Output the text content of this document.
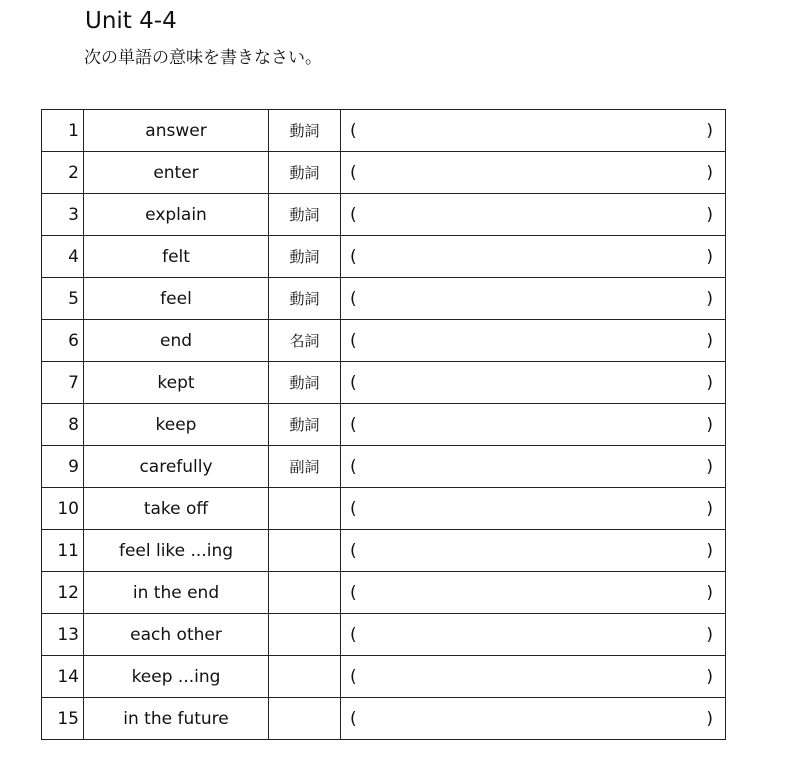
Unit 4-4
次の単語の意味を書きなさい。
1	answer	動詞	( )

2	enter	動詞	( )

3	explain	動詞	( )

4	felt	動詞	( )

5	feel	動詞	( )

6	end	名詞	( )

7	kept	動詞	( )

8	keep	動詞	( )

9	carefully	副詞	( )

10	take off		( )

11	feel like ...ing		( )

12	in the end		( )

13	each other		( )

14	keep ...ing		( )

15	in the future		( )
